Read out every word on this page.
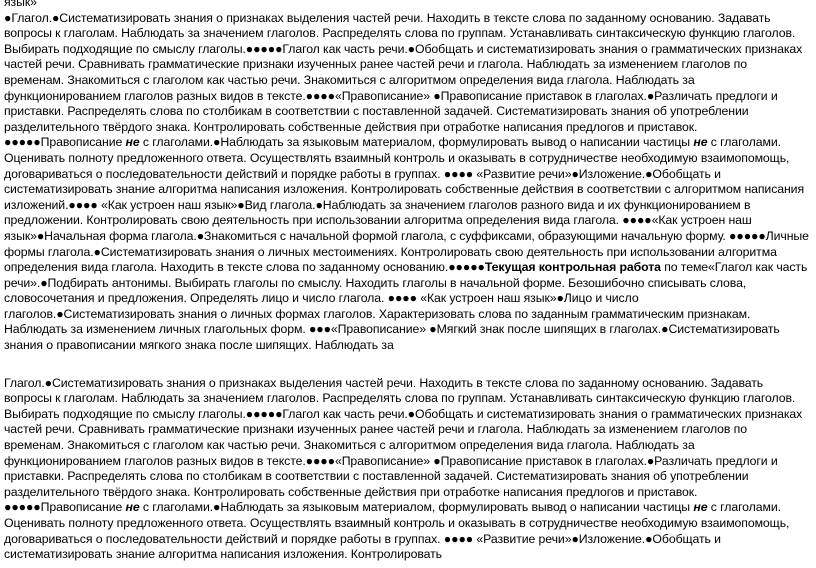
язык»

●Глагол.●Систематизировать знания о признаках выделения частей речи. Находить в тексте слова по заданному основанию. Задавать вопросы к глаголам. Наблюдать за значением глаголов. Распределять слова по группам. Устанавливать синтаксическую функцию глаголов. Выбирать подходящие по смыслу глаголы.●●●●●Глагол как часть речи.●Обобщать и систематизировать знания о грамматических признаках частей речи. Сравнивать грамматические признаки изученных ранее частей речи и глагола. Наблюдать за изменением глаголов по временам. Знакомиться с глаголом как частью речи. Знакомиться с алгоритмом определения вида глагола. Наблюдать за функционированием глаголов разных видов в тексте.●●●●«Правописание» ●Правописание приставок в глаголах.●Различать предлоги и приставки. Распределять слова по столбикам в соответствии с поставленной задачей. Систематизировать знания об употреблении разделительного твёрдого знака. Контролировать собственные действия при отработке написания предлогов и приставок. ●●●●●Правописание не с глаголами.●Наблюдать за языковым материалом, формулировать вывод о написании частицы не с глаголами. Оценивать полноту предложенного ответа. Осуществлять взаимный контроль и оказывать в сотрудничестве необходимую взаимопомощь, договариваться о последовательности действий и порядке работы в группах. ●●●● «Развитие речи»●Изложение.●Обобщать и систематизировать знание алгоритма написания изложения. Контролировать собственные действия в соответствии с алгоритмом написания изложений.●●●● «Как устроен наш язык»●Вид глагола.●Наблюдать за значением глаголов разного вида и их функционированием в предложении. Контролировать свою деятельность при использовании алгоритма определения вида глагола. ●●●●«Как устроен наш язык»●Начальная форма глагола.●Знакомиться с начальной формой глагола, с суффиксами, образующими начальную форму. ●●●●●Личные формы глагола.●Систематизировать знания о личных местоимениях. Контролировать свою деятельность при использовании алгоритма определения вида глагола. Находить в тексте слова по заданному основанию.●●●●●Текущая контрольная работа по теме«Глагол как часть речи».●Подбирать антонимы. Выбирать глаголы по смыслу. Находить глаголы в начальной форме. Безошибочно списывать слова, словосочетания и предложения. Определять лицо и число глагола. ●●●● «Как устроен наш язык»●Лицо и число глаголов.●Систематизировать знания о личных формах глаголов. Характеризовать слова по заданным грамматическим признакам. Наблюдать за изменением личных глагольных форм. ●●●«Правописание» ●Мягкий знак после шипящих в глаголах.●Систематизировать знания о правописании мягкого знака после шипящих. Наблюдать за

Глагол.●Систематизировать знания о признаках выделения частей речи. Находить в тексте слова по заданному основанию. Задавать вопросы к глаголам. Наблюдать за значением глаголов. Распределять слова по группам. Устанавливать синтаксическую функцию глаголов. Выбирать подходящие по смыслу глаголы.●●●●●Глагол как часть речи.●Обобщать и систематизировать знания о грамматических признаках частей речи. Сравнивать грамматические признаки изученных ранее частей речи и глагола. Наблюдать за изменением глаголов по временам. Знакомиться с глаголом как частью речи. Знакомиться с алгоритмом определения вида глагола. Наблюдать за функционированием глаголов разных видов в тексте.●●●●«Правописание» ●Правописание приставок в глаголах.●Различать предлоги и приставки. Распределять слова по столбикам в соответствии с поставленной задачей. Систематизировать знания об употреблении разделительного твёрдого знака. Контролировать собственные действия при отработке написания предлогов и приставок. ●●●●●Правописание не с глаголами.●Наблюдать за языковым материалом, формулировать вывод о написании частицы не с глаголами. Оценивать полноту предложенного ответа. Осуществлять взаимный контроль и оказывать в сотрудничестве необходимую взаимопомощь, договариваться о последовательности действий и порядке работы в группах. ●●●● «Развитие речи»●Изложение.●Обобщать и систематизировать знание алгоритма написания изложения. Контролировать
